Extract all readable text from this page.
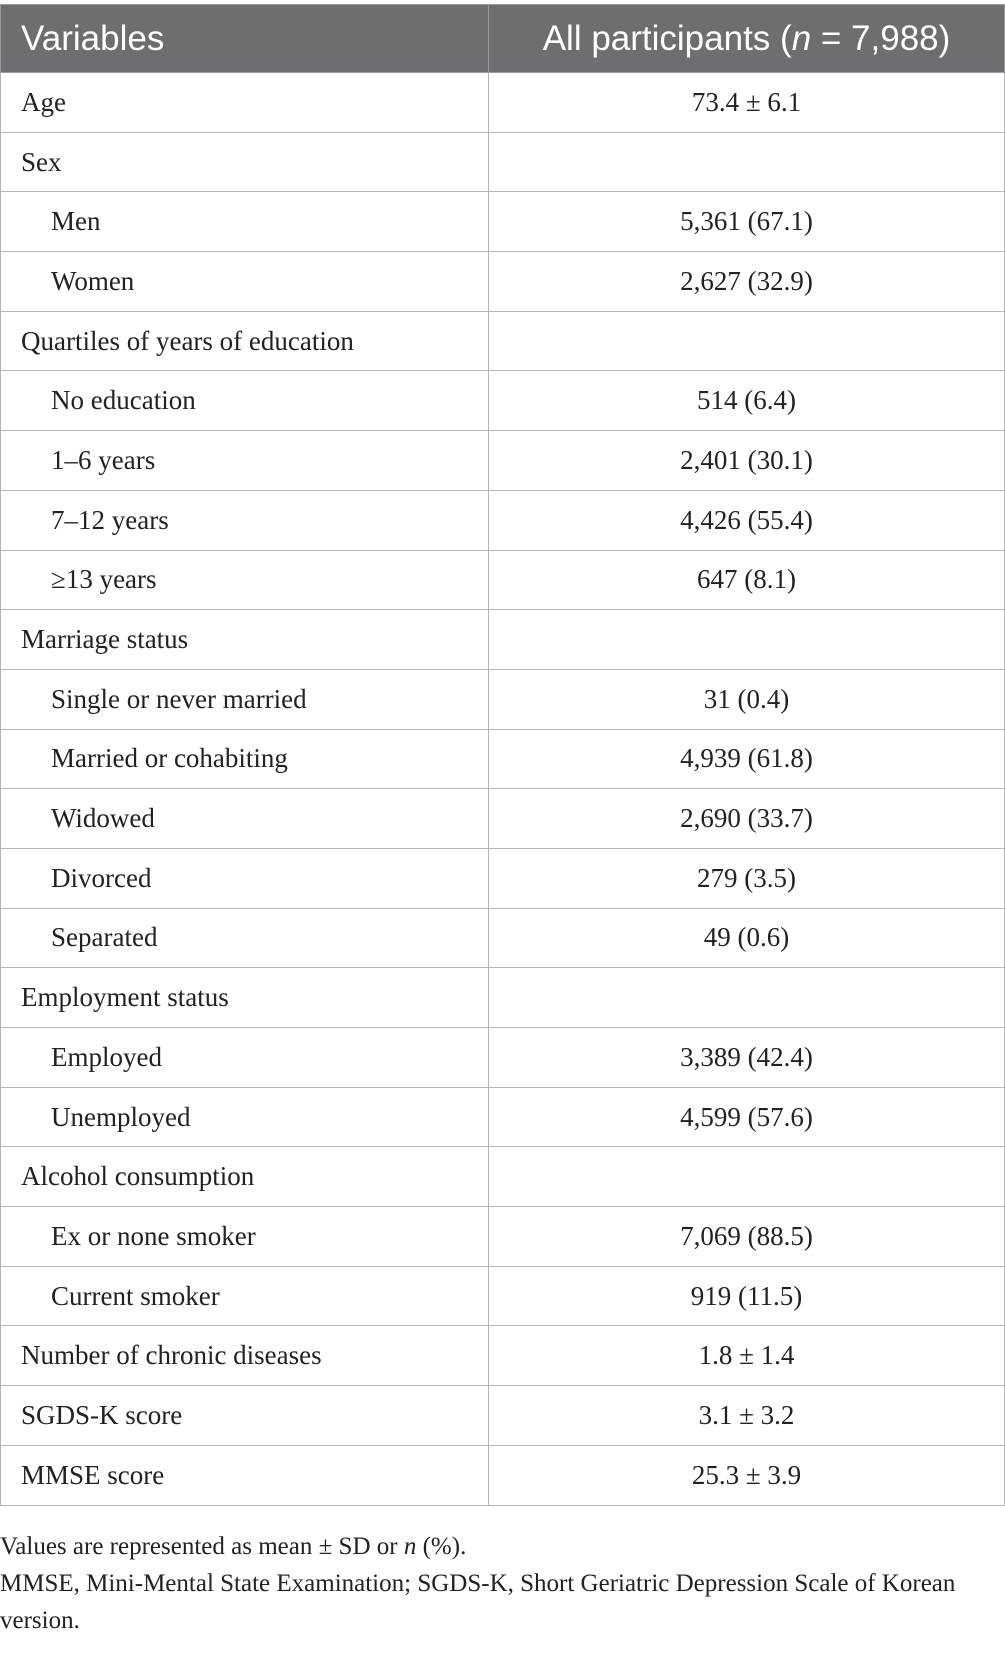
Variables	All participants (n = 7,988)
Age	73.4 ± 6.1
Sex	
Men	5,361 (67.1)
Women	2,627 (32.9)
Quartiles of years of education	
No education	514 (6.4)
1–6 years	2,401 (30.1)
7–12 years	4,426 (55.4)
≥13 years	647 (8.1)
Marriage status	
Single or never married	31 (0.4)
Married or cohabiting	4,939 (61.8)
Widowed	2,690 (33.7)
Divorced	279 (3.5)
Separated	49 (0.6)
Employment status	
Employed	3,389 (42.4)
Unemployed	4,599 (57.6)
Alcohol consumption	
Ex or none smoker	7,069 (88.5)
Current smoker	919 (11.5)
Number of chronic diseases	1.8 ± 1.4
SGDS-K score	3.1 ± 3.2
MMSE score	25.3 ± 3.9

Values are represented as mean ± SD or n (%).

MMSE, Mini-Mental State Examination; SGDS-K, Short Geriatric Depression Scale of Korean version.
